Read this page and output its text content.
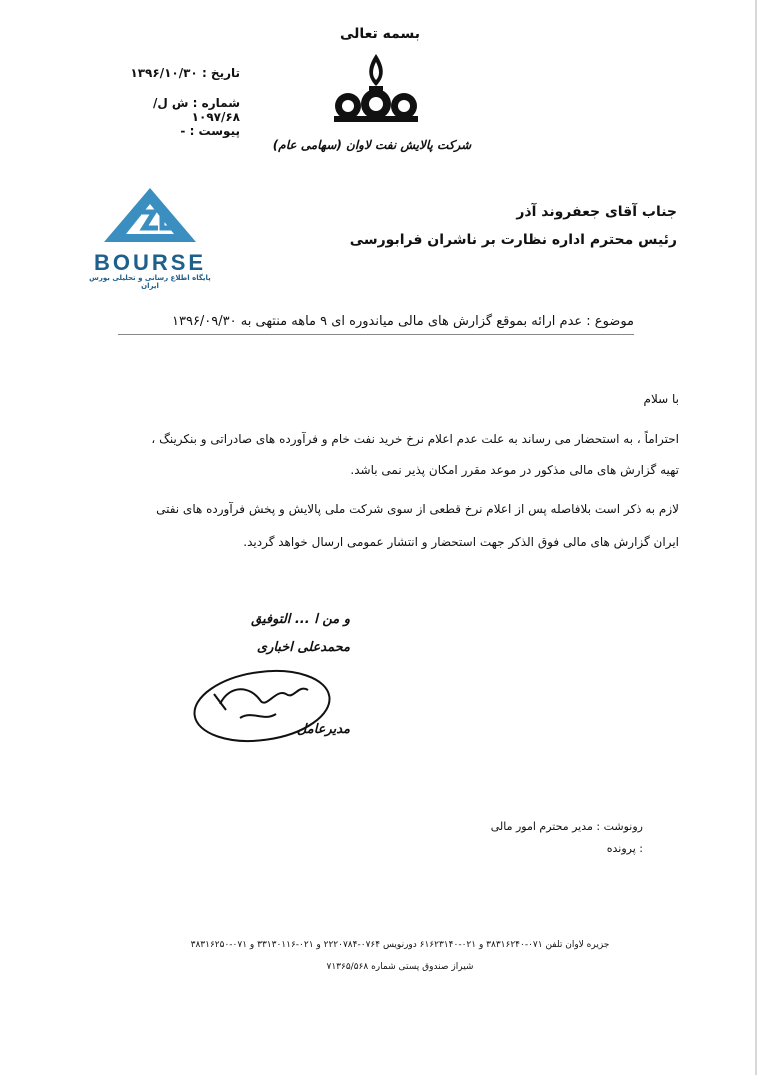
بسمه تعالی
شرکت پالایش نفت لاوان (سهامی عام)
تاریخ : ۱۳۹۶/۱۰/۳۰
شماره : ش ل/۱۰۹۷/۶۸
پیوست : -
جناب آقای جعفروند آذر
رئیس محترم اداره نظارت بر ناشران فرابورسی
BOURSE
پایگاه اطلاع رسانی و تحلیلی بورس ایران
موضوع : عدم ارائه بموقع گزارش های مالی میاندوره ای ۹ ماهه منتهی به ۱۳۹۶/۰۹/۳۰
با سلام
احتراماً ، به استحضار می رساند به علت عدم اعلام نرخ خرید نفت خام و فرآورده های صادراتی و بنکرینگ ،
تهیه گزارش های مالی مذکور در موعد مقرر امکان پذیر نمی باشد.
لازم به ذکر است بلافاصله پس از اعلام نرخ قطعی از سوی شرکت ملی پالایش و پخش فرآورده های نفتی
ایران گزارش های مالی فوق الذکر جهت استحضار و انتشار عمومی ارسال خواهد گردید.
و من ا ... التوفیق
محمدعلی اخباری
مدیرعامل
رونوشت : مدیر محترم امور مالی
: پرونده
جزیره لاوان تلفن ۰۷۱-۳۸۳۱۶۲۴۰ و ۰۲۱-۶۱۶۲۳۱۴۰ دورنویس ۰۷۶۴-۲۲۲۰۷۸۴ و ۰۲۱-۳۳۱۳۰۱۱۶ و ۰۷۱-۳۸۳۱۶۲۵۰
شیراز صندوق پستی شماره ۷۱۳۶۵/۵۶۸
